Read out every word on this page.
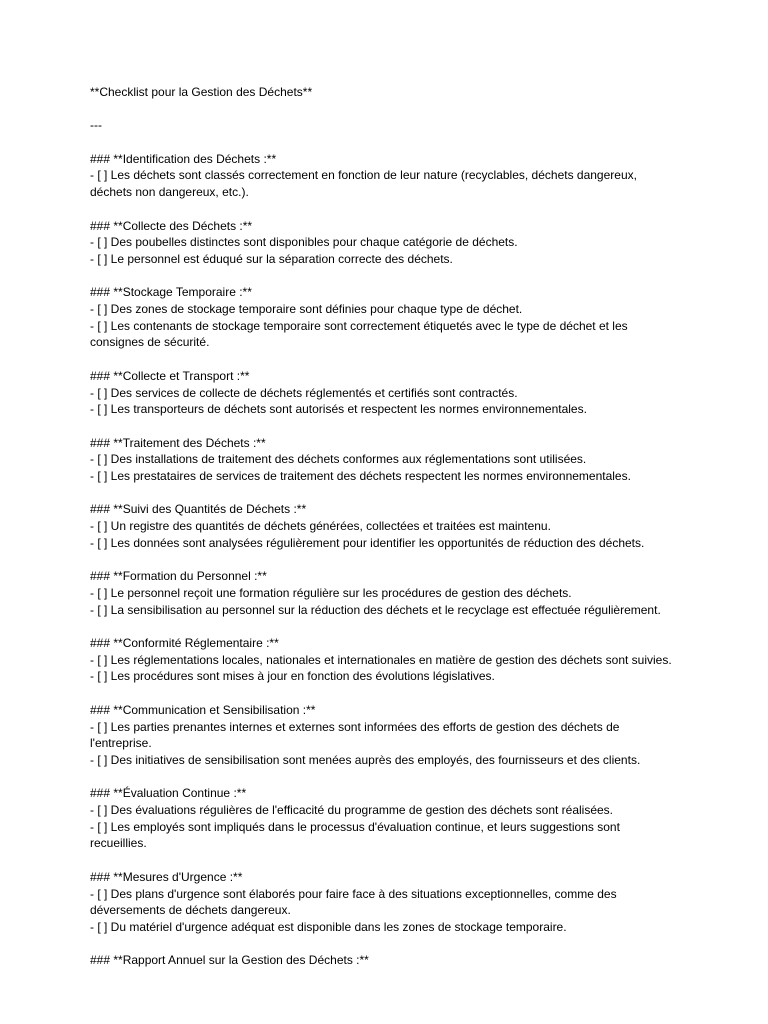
**Checklist pour la Gestion des Déchets**

---

### **Identification des Déchets :**

- [ ] Les déchets sont classés correctement en fonction de leur nature (recyclables, déchets dangereux, déchets non dangereux, etc.).

### **Collecte des Déchets :**

- [ ] Des poubelles distinctes sont disponibles pour chaque catégorie de déchets.

- [ ] Le personnel est éduqué sur la séparation correcte des déchets.

### **Stockage Temporaire :**

- [ ] Des zones de stockage temporaire sont définies pour chaque type de déchet.

- [ ] Les contenants de stockage temporaire sont correctement étiquetés avec le type de déchet et les consignes de sécurité.

### **Collecte et Transport :**

- [ ] Des services de collecte de déchets réglementés et certifiés sont contractés.

- [ ] Les transporteurs de déchets sont autorisés et respectent les normes environnementales.

### **Traitement des Déchets :**

- [ ] Des installations de traitement des déchets conformes aux réglementations sont utilisées.

- [ ] Les prestataires de services de traitement des déchets respectent les normes environnementales.

### **Suivi des Quantités de Déchets :**

- [ ] Un registre des quantités de déchets générées, collectées et traitées est maintenu.

- [ ] Les données sont analysées régulièrement pour identifier les opportunités de réduction des déchets.

### **Formation du Personnel :**

- [ ] Le personnel reçoit une formation régulière sur les procédures de gestion des déchets.

- [ ] La sensibilisation au personnel sur la réduction des déchets et le recyclage est effectuée régulièrement.

### **Conformité Réglementaire :**

- [ ] Les réglementations locales, nationales et internationales en matière de gestion des déchets sont suivies.

- [ ] Les procédures sont mises à jour en fonction des évolutions législatives.

### **Communication et Sensibilisation :**

- [ ] Les parties prenantes internes et externes sont informées des efforts de gestion des déchets de l'entreprise.

- [ ] Des initiatives de sensibilisation sont menées auprès des employés, des fournisseurs et des clients.

### **Évaluation Continue :**

- [ ] Des évaluations régulières de l'efficacité du programme de gestion des déchets sont réalisées.

- [ ] Les employés sont impliqués dans le processus d'évaluation continue, et leurs suggestions sont recueillies.

### **Mesures d'Urgence :**

- [ ] Des plans d'urgence sont élaborés pour faire face à des situations exceptionnelles, comme des déversements de déchets dangereux.

- [ ] Du matériel d'urgence adéquat est disponible dans les zones de stockage temporaire.

### **Rapport Annuel sur la Gestion des Déchets :**
